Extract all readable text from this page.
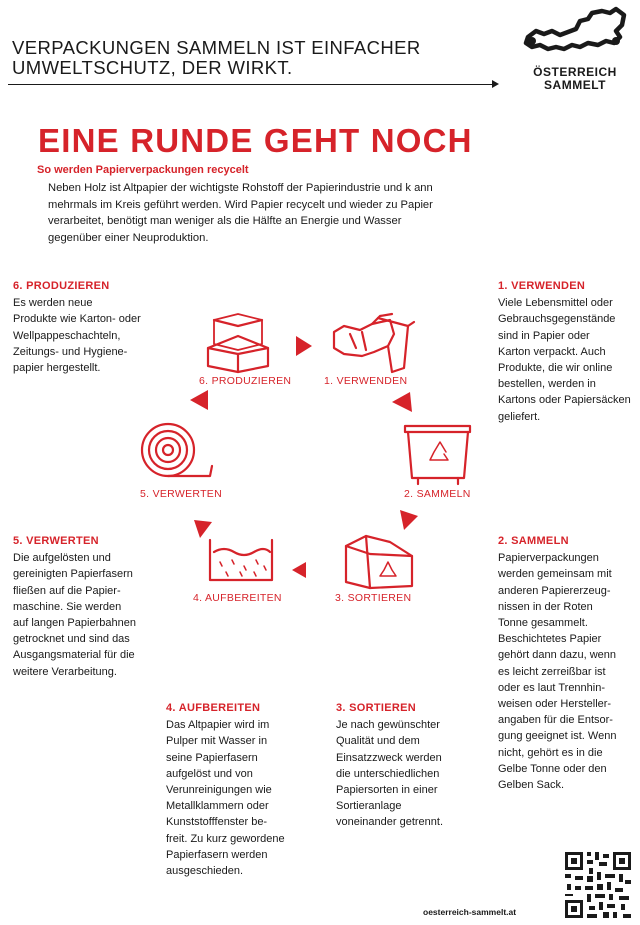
VERPACKUNGEN SAMMELN IST EINFACHER
UMWELTSCHUTZ, DER WIRKT.	ÖSTERREICH
SAMMELT
EINE RUNDE GEHT NOCH
So werden Papierverpackungen recycelt
Neben Holz ist Altpapier der wichtigste Rohstoff der Papierindustrie und k ann mehrmals im Kreis geführt werden. Wird Papier recycelt und wieder zu Papier verarbeitet, benötigt man weniger als die Hälfte an Energie und Wasser gegenüber einer Neuproduktion.
6. PRODUZIEREN
Es werden neue
Produkte wie Karton- oder
Wellpappeschachteln,
Zeitungs- und Hygiene-
papier hergestellt.
1. VERWENDEN
Viele Lebensmittel oder
Gebrauchsgegenstände
sind in Papier oder
Karton verpackt. Auch
Produkte, die wir online
bestellen, werden in
Kartons oder Papiersäcken
geliefert.
5. VERWERTEN
Die aufgelösten und
gereinigten Papierfasern
fließen auf die Papier-
maschine. Sie werden
auf langen Papierbahnen
getrocknet und sind das
Ausgangsmaterial für die
weitere Verarbeitung.
2. SAMMELN
Papierverpackungen
werden gemeinsam mit
anderen Papiererzeug-
nissen in der Roten
Tonne gesammelt.
Beschichtetes Papier
gehört dann dazu, wenn
es leicht zerreißbar ist
oder es laut Trennhin-
weisen oder Hersteller-
angaben für die Entsor-
gung geeignet ist. Wenn
nicht, gehört es in die
Gelbe Tonne oder den
Gelben Sack.
4. AUFBEREITEN
Das Altpapier wird im
Pulper mit Wasser in
seine Papierfasern
aufgelöst und von
Verunreinigungen wie
Metallklammern oder
Kunststofffenster be-
freit. Zu kurz gewordene
Papierfasern werden
ausgeschieden.
3. SORTIEREN
Je nach gewünschter
Qualität und dem
Einsatzzweck werden
die unterschiedlichen
Papiersorten in einer
Sortieranlage
voneinander getrennt.
6. PRODUZIEREN	1. VERWENDEN
2. SAMMELN
3. SORTIEREN
4. AUFBEREITEN
5. VERWERTEN
oesterreich-sammelt.at
